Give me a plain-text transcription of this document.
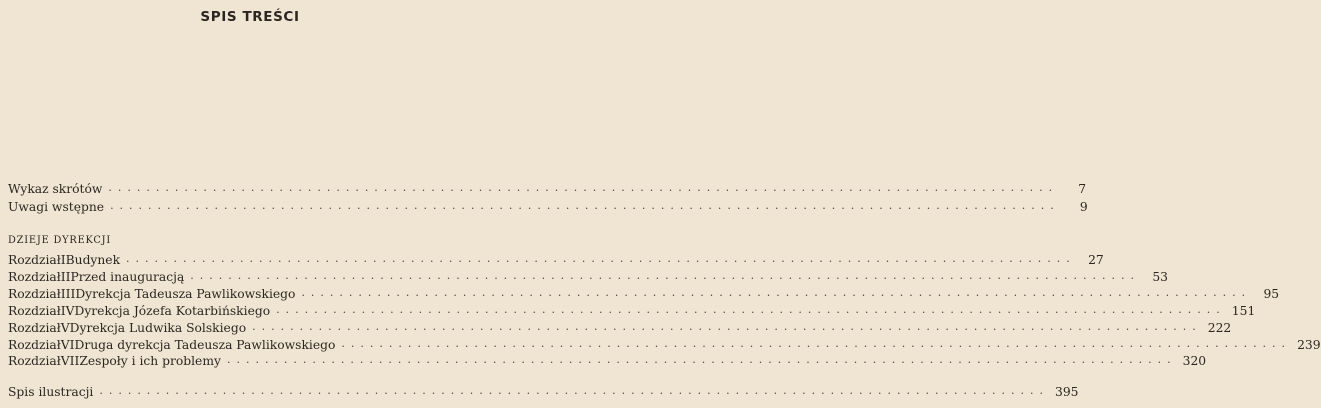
SPIS TREŚCI
Wykaz skrótów ....................................................................................................	7
Uwagi wstępne ....................................................................................................	9
DZIEJE DYREKCJI
Rozdział I Budynek ....................................................................................................	27
Rozdział II Przed inauguracją ....................................................................................................	53
Rozdział III Dyrekcja Tadeusza Pawlikowskiego ....................................................................................................	95
Rozdział IV Dyrekcja Józefa Kotarbińskiego .................................................................................................... 151
Rozdział V Dyrekcja Ludwika Solskiego .................................................................................................... 222
Rozdział VI Druga dyrekcja Tadeusza Pawlikowskiego .................................................................................................... 239
Rozdział VII Zespoły i ich problemy .................................................................................................... 320
Spis ilustracji .................................................................................................... 395
